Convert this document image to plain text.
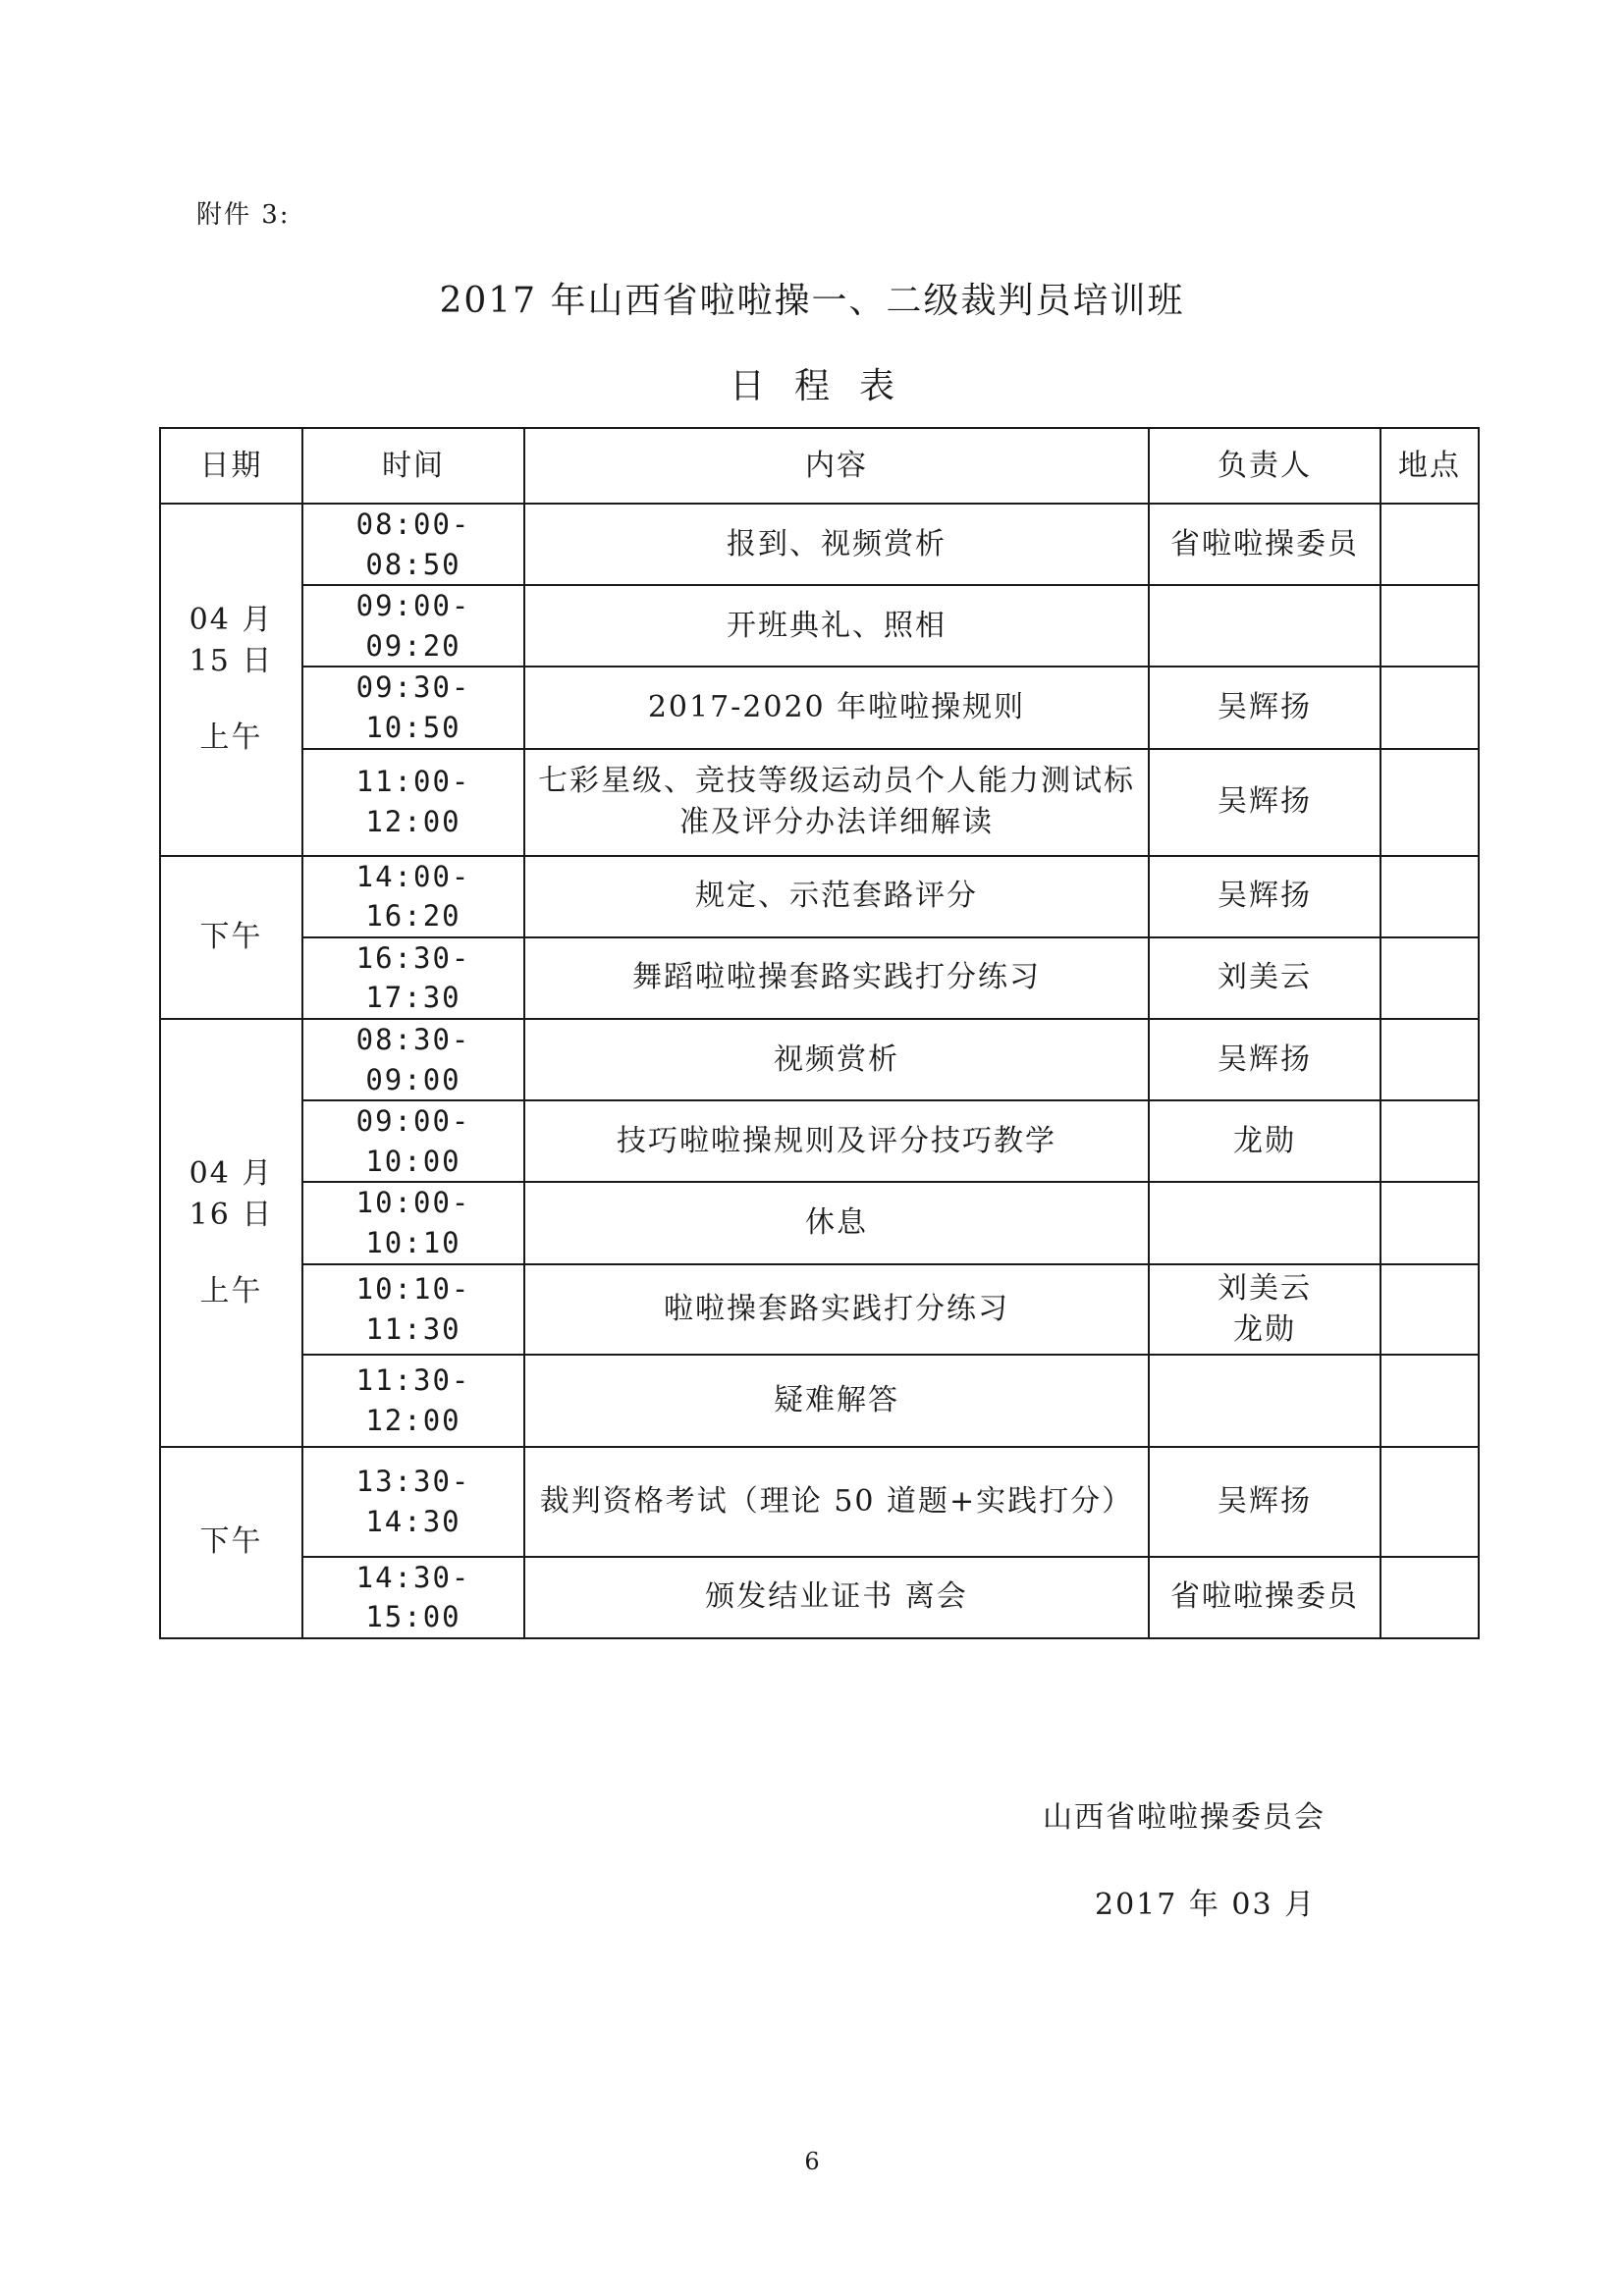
附件 3:
2017 年山西省啦啦操一、二级裁判员培训班
日程表
日期	时间	内容	负责人	地点

04 月 15 日
上午	08:00-08:50	报到、视频赏析	省啦啦操委员	
	09:00-09:20	开班典礼、照相		
	09:30-10:50	2017-2020 年啦啦操规则	吴辉扬	
	11:00-12:00	七彩星级、竞技等级运动员个人能力测试标准及评分办法详细解读	吴辉扬	
下午	14:00-16:20	规定、示范套路评分	吴辉扬	
	16:30-17:30	舞蹈啦啦操套路实践打分练习	刘美云	

04 月 16 日
上午	08:30-09:00	视频赏析	吴辉扬	
	09:00-10:00	技巧啦啦操规则及评分技巧教学	龙勋	
	10:00-10:10	休息		
	10:10-11:30	啦啦操套路实践打分练习	刘美云
龙勋	
	11:30-12:00	疑难解答		
下午	13:30-14:30	裁判资格考试（理论 50 道题+实践打分）	吴辉扬	
	14:30-15:00	颁发结业证书 离会	省啦啦操委员	
山西省啦啦操委员会
2017 年 03 月
6
